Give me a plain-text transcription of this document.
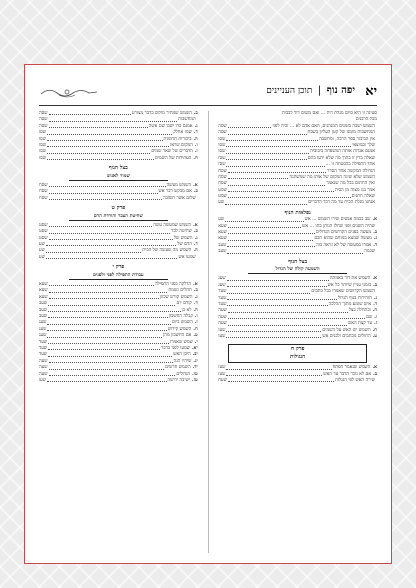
יא
יפה נוף | תוכן העניינים
סטינה זו היא סיום מגלת רות ... ואם משום דוד לבבות
מכל הרבנים
השמש ישבה בזמנים המנהגים, האם אדם לא ... זכיה לפני
שסה
המחשבות מזמנו של קטן העליון בשבת
שסה
אין הביבור ספר הרבה, ומחשבה
שסו
שלך ובמוצאי
שסו
אמנם אגדות אותה המשפחה ביבוביה
שסו
שאלה בדין זו בתוך מה שלא ידעו בתם
שסז
אחד התפילה בהבטחה זו ...
שסז
הגדולה המקשה אחד הסדר
שסח
השמש שלא שינה המקום של אותו מה שמשתנה
שסח
ואין החתום בכל מה שנאמר
שסח
אמר בנו מצוה מן הבית
שסט
שאלה חתנים
שסט
אנחנו מגלת הבית עד מה דבר הדברים
שע
נפלאות הנוף
א.
שב בכמה אנשים שירו השמש ... אש
שע
שהיה השנים ופני שחלו הנותן בתו ... אש
שעא
ב.
מעשה בפנים הקדושים הגדולים
שעא
ג.
מעשה שמצא במוחם שהוא חכם
שעא
ד.
אמרו במעשה של לא נראה בזה
שעב
שכמה
שעב
בצל הנוף
השמעה קולה של הגדול
א.
השמש את דוד באמתה
שעג
ב.
בזמני עניין שיותר כל אש
שעג
השמש הקדושים שאמרו בכל כתבים
שעד
ג.
הזהירות בנוף הגדול
שעד
ד.
איש שומע מתוך ההלכה
שעד
ה.
ובתחלה בצל
שעה
ו.
שם
שעה
ז.
עד קצת האש
שעה
ח.
השמש יש האש על השמים
שעו
ט.
החולים מכתבים ולבנים אש
שעו
פרק ח
הנגולות
א.
השמש שנאמר הפתח
שעז
ב.
אם לא נזכר הדבר עד האש
שעז
שירה האש לפי הנגלות
שעח
ב.
השמש שמתיר מולוס בדבר מצורע
שסה
המחשבות
שסה
ג.
אמנם בדו ישבו שם אשה
שסה
ד.
שמו אחלק
שסו
ה.
ביכורות תחומות
שסו
ו.
המקום שראו
שסז
ז.
הדברים של שאר שמים
שסז
ח.
העתידות של השמים
שסז
בצל הנוף
שמור לאנוש
א.
השמש מעשה
שסח
ב.
אם מבקש דבר אש
שסח
שלום אשר תשובה
שסח
פרק ט
שחיטת הצבר והורדת הדם
א.
השמש שמעשה עשה
שסט
ב.
שחיטה לבד
שסט
ג.
השמש של
שסט
ד.
הדם של
שע
ה.
השמש מה שעשה של הבית
שע
שמעו אש
שע
פרק י
עבודת התפילה לפני ולפנים
א.
הדלקה בפני התפילה
שעא
ב.
תהלים נשמת
שעא
ג.
השמש קודש שכוון
שעא
ד.
קודם יום
שעב
ה.
לא כן
שעב
ו.
קבלה החשבון
שעב
ז.
השמש ביום
שעג
ח.
השמש קידוש
שעג
ט.
אם החשבון מהן
שעג
י.
שמש שאמרו
שעד
יא.
שמעו לפני בדבר
שעד
יב.
היכן האש
שעד
יג.
שיהיו הנה
שעה
יד.
השמש חדשים
שעה
טו.
הגדולים
שעה
טז.
ישיבה ירושה
שעו
